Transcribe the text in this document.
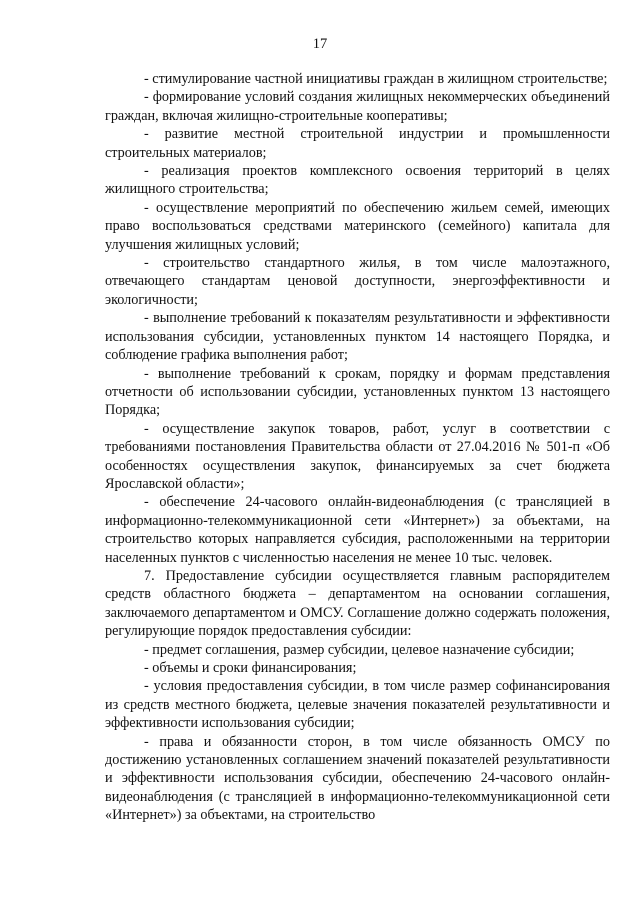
17

- стимулирование частной инициативы граждан в жилищном строительстве;

- формирование условий создания жилищных некоммерческих объединений граждан, включая жилищно-строительные кооперативы;

- развитие местной строительной индустрии и промышленности строительных материалов;

- реализация проектов комплексного освоения территорий в целях жилищного строительства;

- осуществление мероприятий по обеспечению жильем семей, имеющих право воспользоваться средствами материнского (семейного) капитала для улучшения жилищных условий;

- строительство стандартного жилья, в том числе малоэтажного, отвечающего стандартам ценовой доступности, энергоэффективности и экологичности;

- выполнение требований к показателям результативности и эффективности использования субсидии, установленных пунктом 14 настоящего Порядка, и соблюдение графика выполнения работ;

- выполнение требований к срокам, порядку и формам представления отчетности об использовании субсидии, установленных пунктом 13 настоящего Порядка;

- осуществление закупок товаров, работ, услуг в соответствии с требованиями постановления Правительства области от 27.04.2016 № 501-п «Об особенностях осуществления закупок, финансируемых за счет бюджета Ярославской области»;

- обеспечение 24-часового онлайн-видеонаблюдения (с трансляцией в информационно-телекоммуникационной сети «Интернет») за объектами, на строительство которых направляется субсидия, расположенными на территории населенных пунктов с численностью населения не менее 10 тыс. человек.

7. Предоставление субсидии осуществляется главным распорядителем средств областного бюджета – департаментом на основании соглашения, заключаемого департаментом и ОМСУ. Соглашение должно содержать положения, регулирующие порядок предоставления субсидии:

- предмет соглашения, размер субсидии, целевое назначение субсидии;

- объемы и сроки финансирования;

- условия предоставления субсидии, в том числе размер софинансирования из средств местного бюджета, целевые значения показателей результативности и эффективности использования субсидии;

- права и обязанности сторон, в том числе обязанность ОМСУ по достижению установленных соглашением значений показателей результативности и эффективности использования субсидии, обеспечению 24-часового онлайн-видеонаблюдения (с трансляцией в информационно-телекоммуникационной сети «Интернет») за объектами, на строительство
